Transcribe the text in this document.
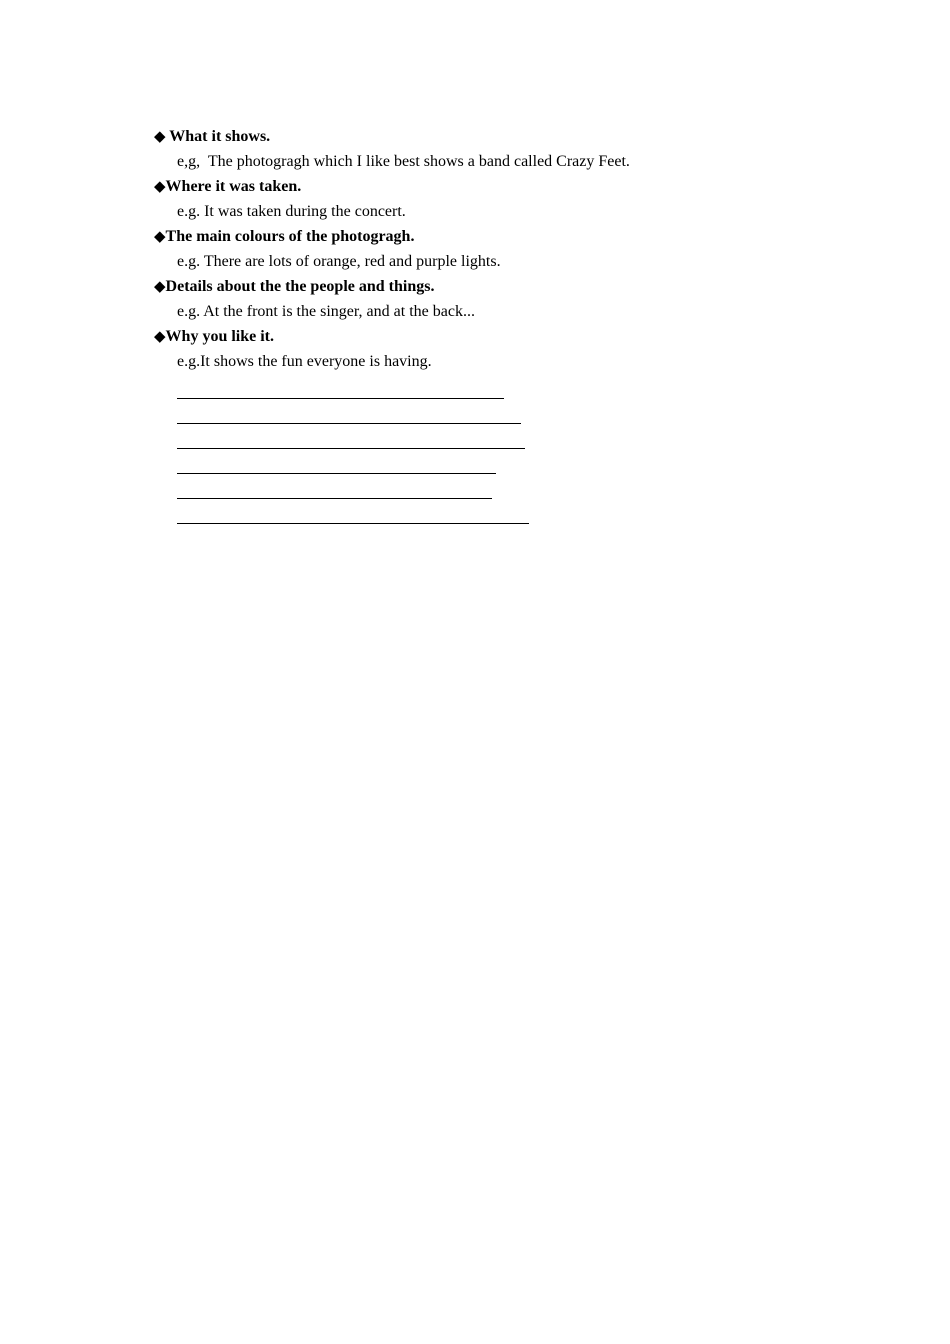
◆ What it shows.
e,g,  The photogragh which I like best shows a band called Crazy Feet.
◆Where it was taken.
e.g. It was taken during the concert.
◆The main colours of the photogragh.
e.g. There are lots of orange, red and purple lights.
◆Details about the the people and things.
e.g. At the front is the singer, and at the back...
◆Why you like it.
e.g.It shows the fun everyone is having.
